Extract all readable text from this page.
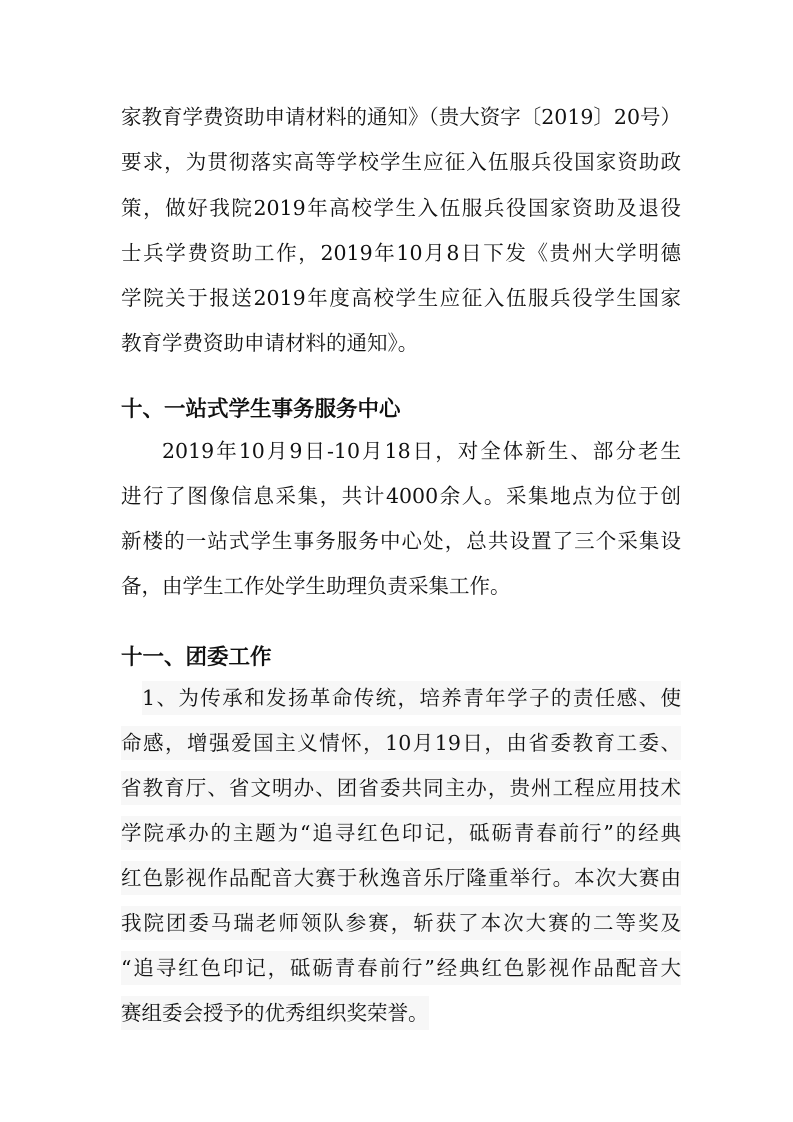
家教育学费资助申请材料的通知》（贵大资字〔2019〕20号）
要求，为贯彻落实高等学校学生应征入伍服兵役国家资助政
策，做好我院2019年高校学生入伍服兵役国家资助及退役
士兵学费资助工作，2019年10月8日下发《贵州大学明德
学院关于报送2019年度高校学生应征入伍服兵役学生国家
教育学费资助申请材料的通知》。
十、一站式学生事务服务中心
2019年10月9日-10月18日，对全体新生、部分老生
进行了图像信息采集，共计4000余人。采集地点为位于创
新楼的一站式学生事务服务中心处，总共设置了三个采集设
备，由学生工作处学生助理负责采集工作。
十一、团委工作
1、为传承和发扬革命传统，培养青年学子的责任感、使
命感，增强爱国主义情怀，10月19日，由省委教育工委、
省教育厅、省文明办、团省委共同主办，贵州工程应用技术
学院承办的主题为“追寻红色印记，砥砺青春前行”的经典
红色影视作品配音大赛于秋逸音乐厅隆重举行。本次大赛由
我院团委马瑞老师领队参赛，斩获了本次大赛的二等奖及
“追寻红色印记，砥砺青春前行”经典红色影视作品配音大
赛组委会授予的优秀组织奖荣誉。
